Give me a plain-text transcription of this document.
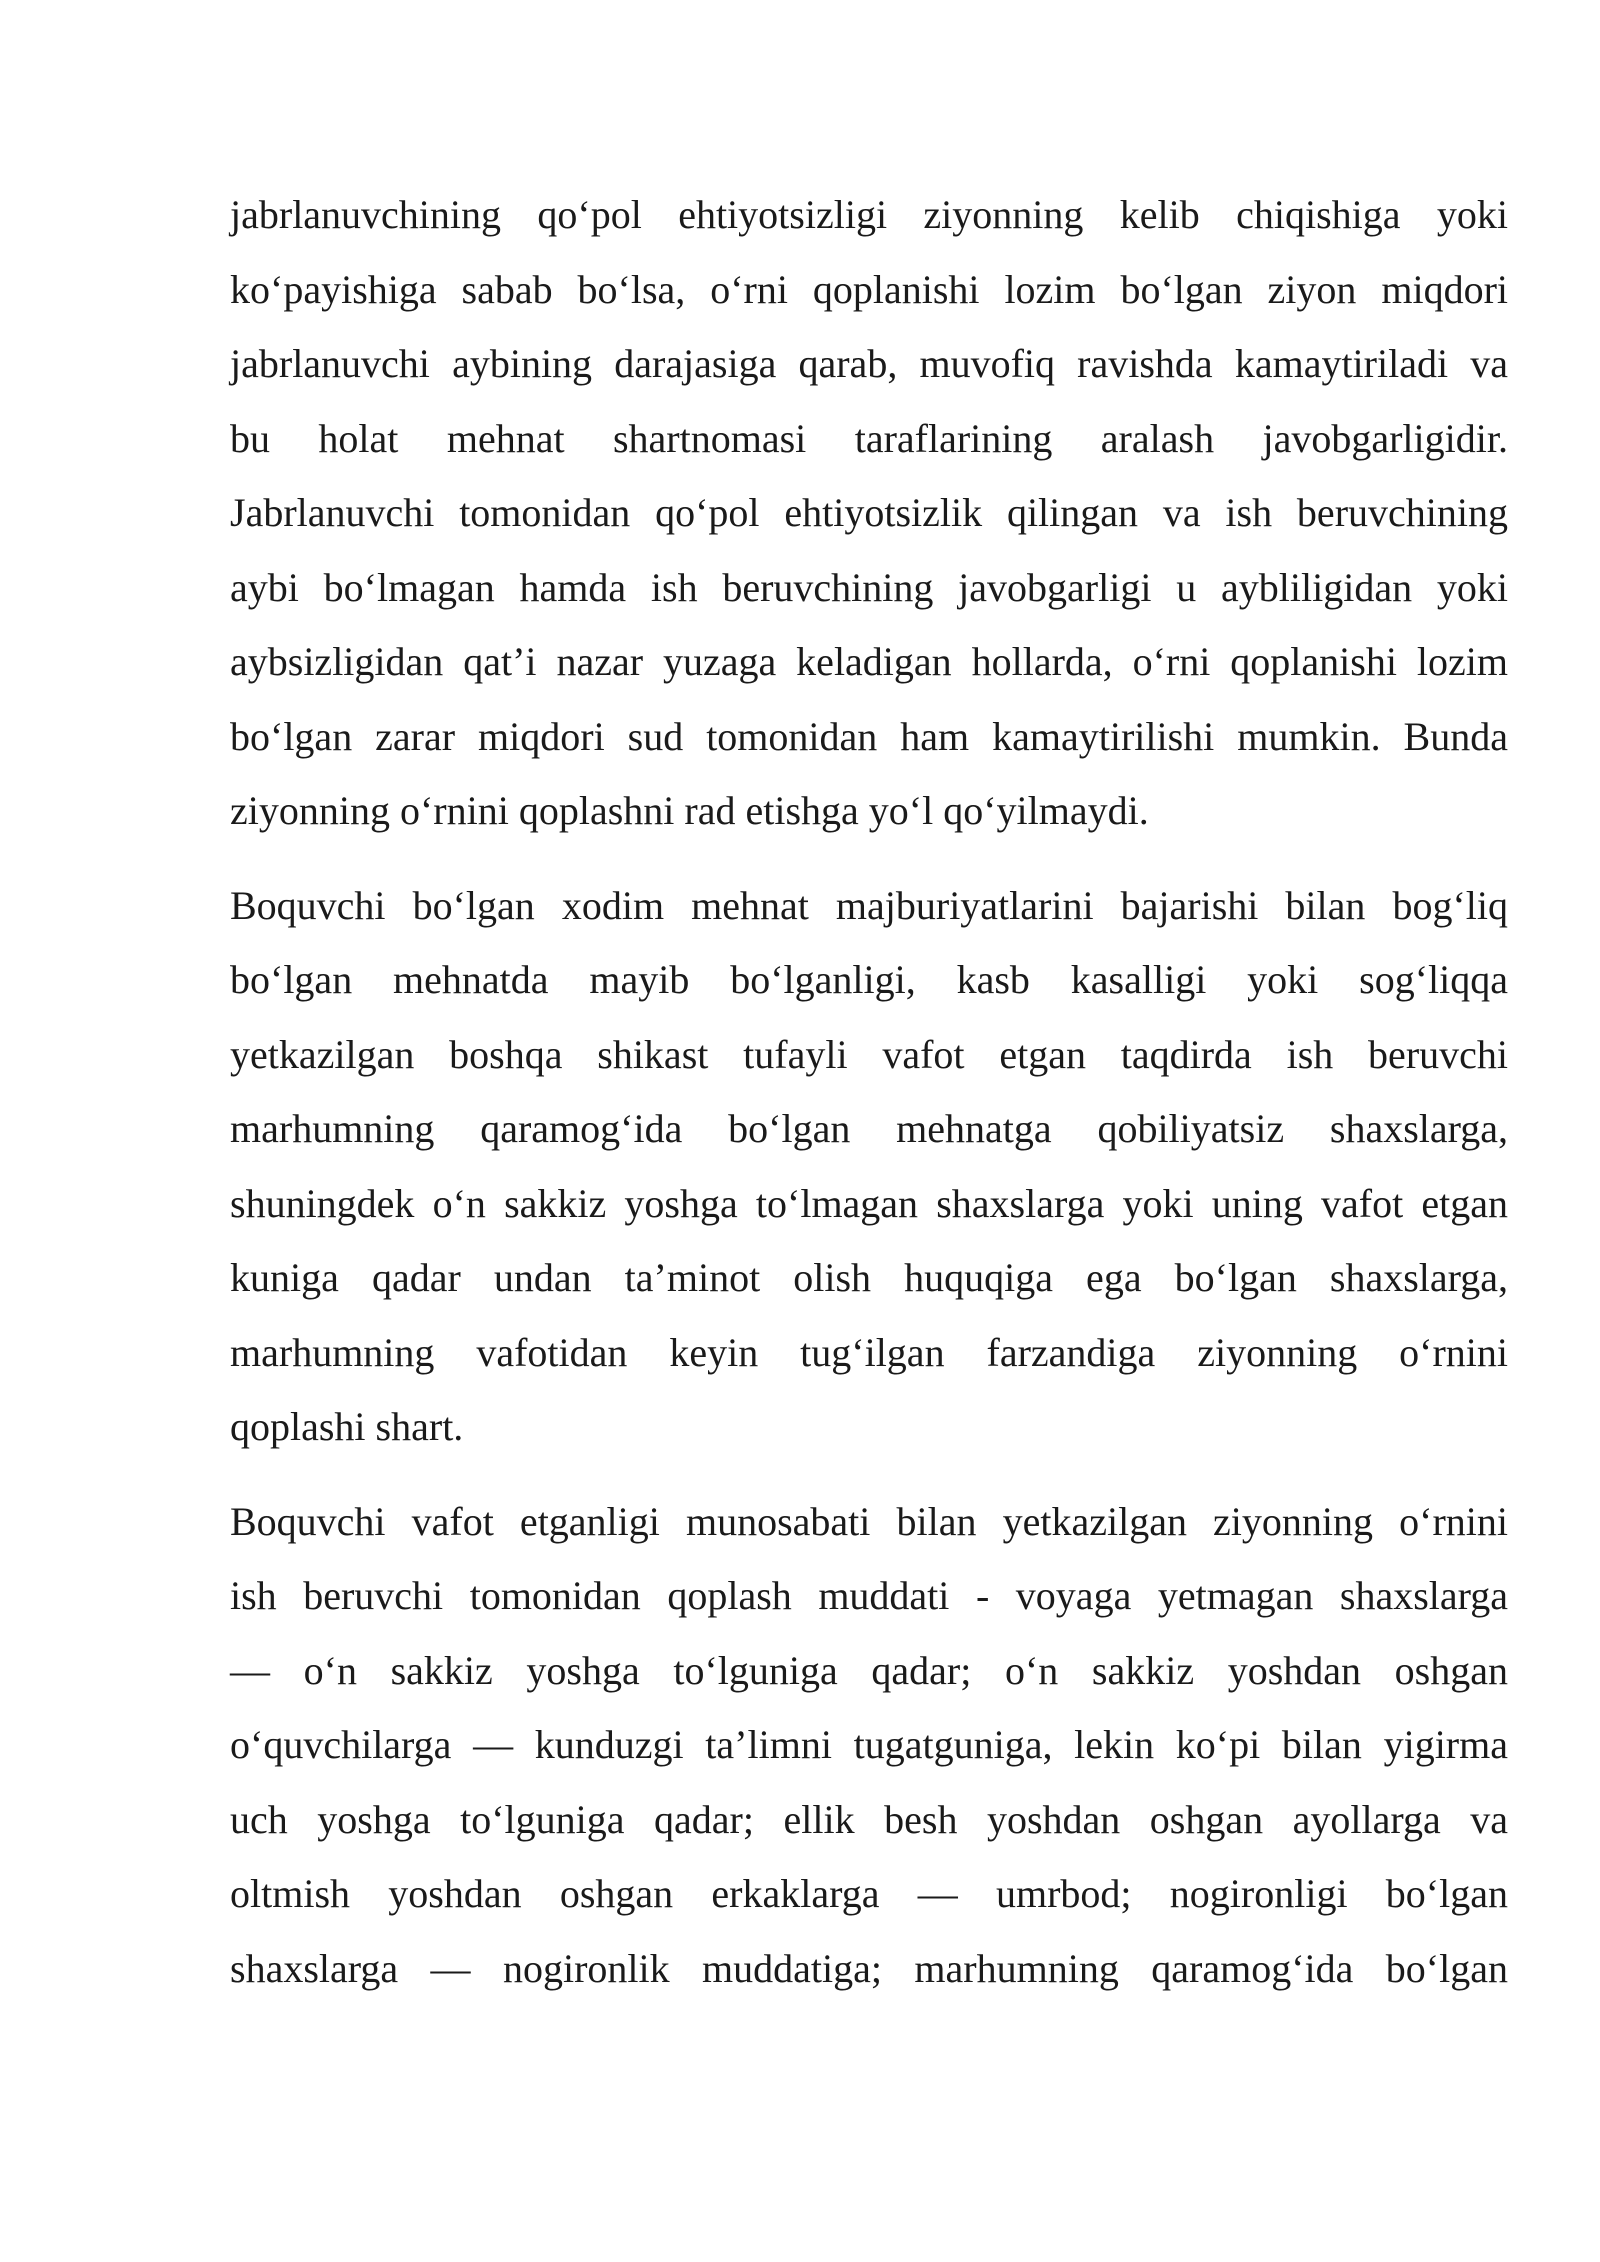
jabrlanuvchining qo‘pol ehtiyotsizligi ziyonning kelib chiqishiga yoki
ko‘payishiga sabab bo‘lsa, o‘rni qoplanishi lozim bo‘lgan ziyon miqdori
jabrlanuvchi aybining darajasiga qarab, muvofiq ravishda kamaytiriladi va
bu holat mehnat shartnomasi taraflarining aralash javobgarligidir.
Jabrlanuvchi tomonidan qo‘pol ehtiyotsizlik qilingan va ish beruvchining
aybi bo‘lmagan hamda ish beruvchining javobgarligi u aybliligidan yoki
aybsizligidan qat’i nazar yuzaga keladigan hollarda, o‘rni qoplanishi lozim
bo‘lgan zarar miqdori sud tomonidan ham kamaytirilishi mumkin. Bunda
ziyonning o‘rnini qoplashni rad etishga yo‘l qo‘yilmaydi.

Boquvchi bo‘lgan xodim mehnat majburiyatlarini bajarishi bilan bog‘liq
bo‘lgan mehnatda mayib bo‘lganligi, kasb kasalligi yoki sog‘liqqa
yetkazilgan boshqa shikast tufayli vafot etgan taqdirda ish beruvchi
marhumning qaramog‘ida bo‘lgan mehnatga qobiliyatsiz shaxslarga,
shuningdek o‘n sakkiz yoshga to‘lmagan shaxslarga yoki uning vafot etgan
kuniga qadar undan ta’minot olish huquqiga ega bo‘lgan shaxslarga,
marhumning vafotidan keyin tug‘ilgan farzandiga ziyonning o‘rnini
qoplashi shart.

Boquvchi vafot etganligi munosabati bilan yetkazilgan ziyonning o‘rnini
ish beruvchi tomonidan qoplash muddati - voyaga yetmagan shaxslarga
— o‘n sakkiz yoshga to‘lguniga qadar; o‘n sakkiz yoshdan oshgan
o‘quvchilarga — kunduzgi ta’limni tugatguniga, lekin ko‘pi bilan yigirma
uch yoshga to‘lguniga qadar; ellik besh yoshdan oshgan ayollarga va
oltmish yoshdan oshgan erkaklarga — umrbod; nogironligi bo‘lgan
shaxslarga — nogironlik muddatiga; marhumning qaramog‘ida bo‘lgan
